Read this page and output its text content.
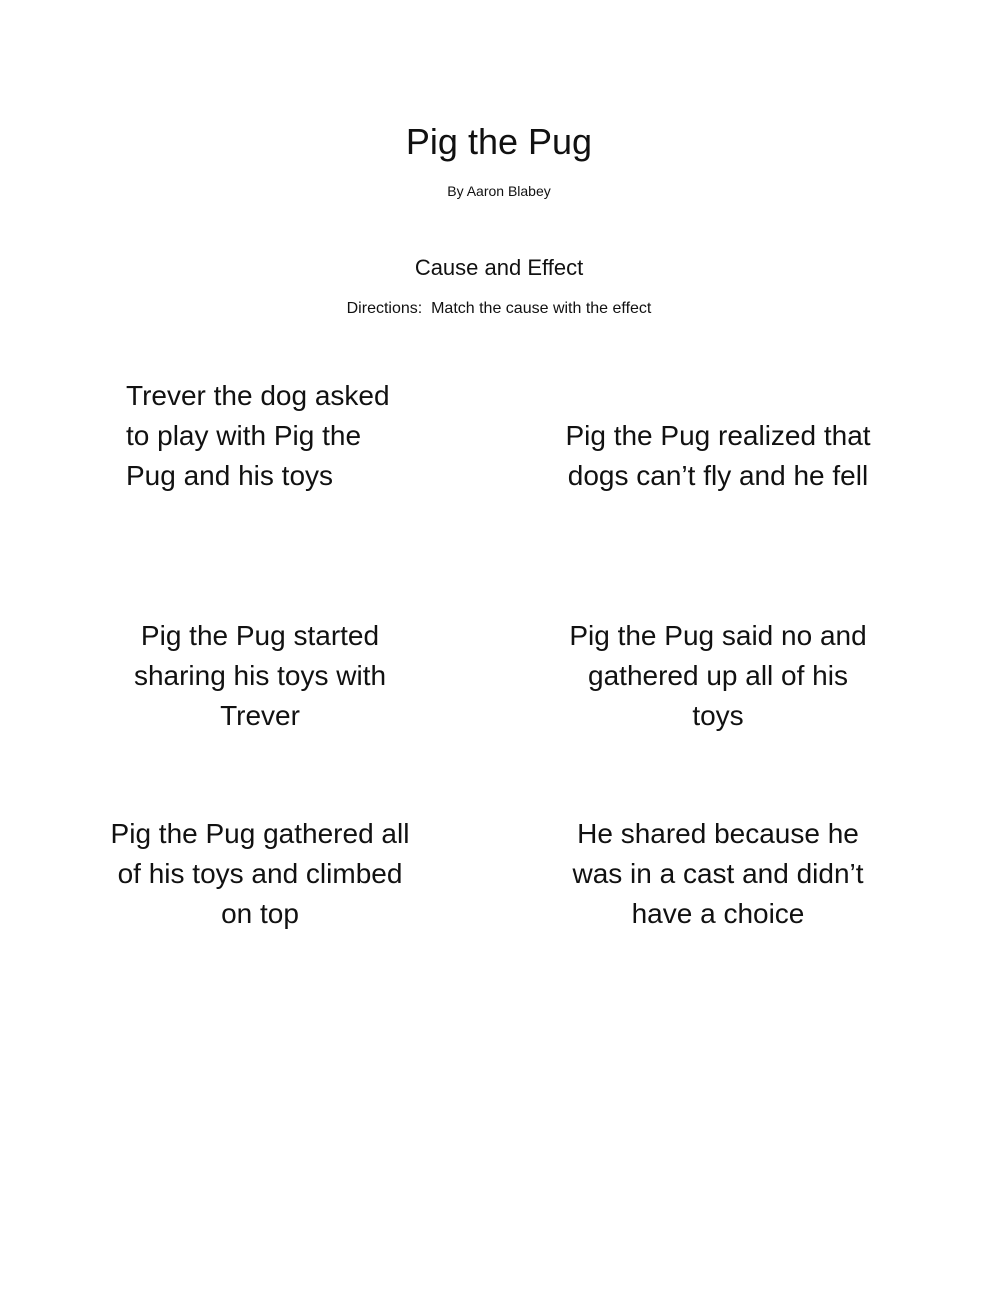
Pig the Pug
By Aaron Blabey
Cause and Effect
Directions:  Match the cause with the effect
Trever the dog asked to play with Pig the Pug and his toys
Pig the Pug realized that dogs can’t fly and he fell
Pig the Pug started sharing his toys with Trever
Pig the Pug said no and gathered up all of his toys
Pig the Pug gathered all of his toys and climbed on top
He shared because he was in a cast and didn’t have a choice
